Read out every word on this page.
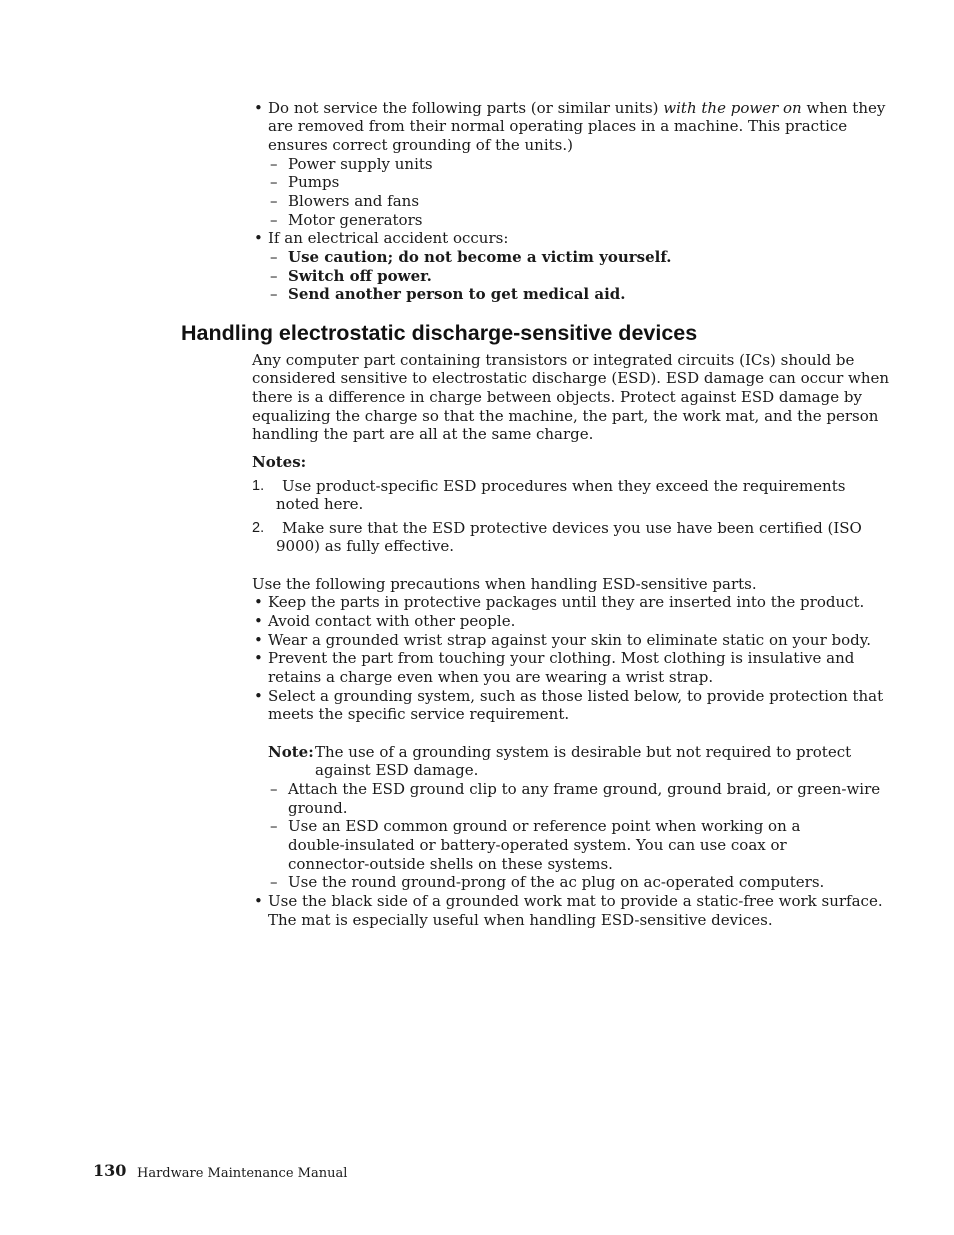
• Do not service the following parts (or similar units) with the power on when they
are removed from their normal operating places in a machine. This practice
ensures correct grounding of the units.)
– Power supply units
– Pumps
– Blowers and fans
– Motor generators
• If an electrical accident occurs:
– Use caution; do not become a victim yourself.
– Switch off power.
– Send another person to get medical aid.
Handling electrostatic discharge-sensitive devices
Any computer part containing transistors or integrated circuits (ICs) should be
considered sensitive to electrostatic discharge (ESD). ESD damage can occur when
there is a difference in charge between objects. Protect against ESD damage by
equalizing the charge so that the machine, the part, the work mat, and the person
handling the part are all at the same charge.
Notes:
1. Use product-specific ESD procedures when they exceed the requirements
noted here.
2. Make sure that the ESD protective devices you use have been certified (ISO
9000) as fully effective.
Use the following precautions when handling ESD-sensitive parts.
• Keep the parts in protective packages until they are inserted into the product.
• Avoid contact with other people.
• Wear a grounded wrist strap against your skin to eliminate static on your body.
• Prevent the part from touching your clothing. Most clothing is insulative and
retains a charge even when you are wearing a wrist strap.
• Select a grounding system, such as those listed below, to provide protection that
meets the specific service requirement.
Note: The use of a grounding system is desirable but not required to protect
against ESD damage.
– Attach the ESD ground clip to any frame ground, ground braid, or green-wire
ground.
– Use an ESD common ground or reference point when working on a
double-insulated or battery-operated system. You can use coax or
connector-outside shells on these systems.
– Use the round ground-prong of the ac plug on ac-operated computers.
• Use the black side of a grounded work mat to provide a static-free work surface.
The mat is especially useful when handling ESD-sensitive devices.
130 Hardware Maintenance Manual
